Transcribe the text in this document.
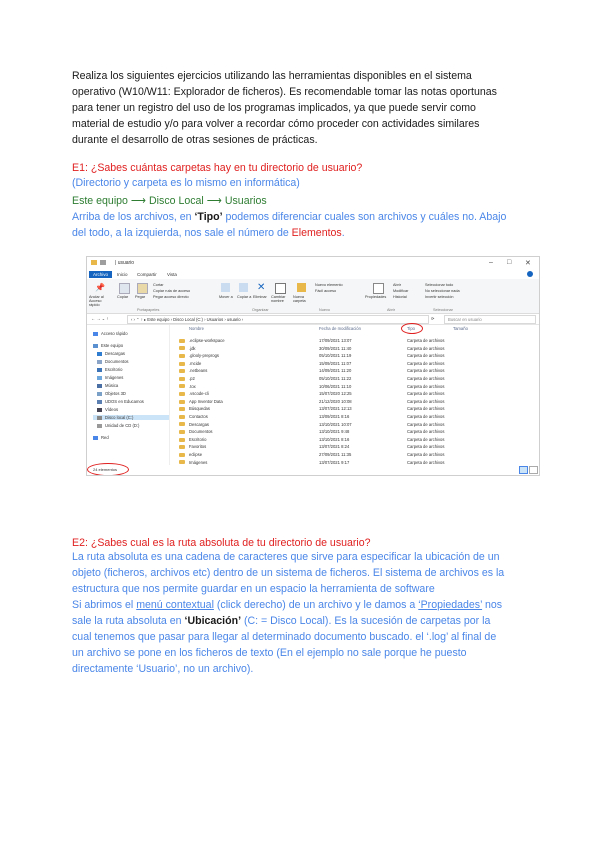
Realiza los siguientes ejercicios utilizando las herramientas disponibles en el sistema
operativo (W10/W11: Explorador de ficheros). Es recomendable tomar las notas oportunas
para tener un registro del uso de los programas implicados, ya que puede servir como
material de estudio y/o para volver a recordar cómo proceder con actividades similares
durante el desarrollo de otras sesiones de prácticas.
E1: ¿Sabes cuántas carpetas hay en tu directorio de usuario?
(Directorio y carpeta es lo mismo en informática)
Este equipo ⟶ Disco Local ⟶ Usuarios
Arriba de los archivos, en ‘Tipo’ podemos diferenciar cuales son archivos y cuáles no. Abajo
del todo, a la izquierda, nos sale el número de Elementos.
| usuario	– □ ✕
Archivo	Inicio	Compartir	Vista
📌
Anclar al Acceso rápido
Copiar Pegar
Cortar
Copiar ruta de acceso
Pegar acceso directo
Portapapeles
Mover a Copiar a
✕
Eliminar Cambiar nombre
Organizar
Nueva carpeta
Nuevo elemento
Fácil acceso
Nuevo
Propiedades
Abrir
Modificar
Historial
Abrir
Seleccionar todo
No seleccionar nada
Invertir selección
Seleccionar
← → ⌄ ↑	‹ › ⌃ ↑ ▸ Este equipo › Disco Local (C:) › Usuarios › usuario ›	⟳	Buscar en usuario
Acceso rápido
Este equipo
Descargas
Documentos
Escritorio
Imágenes
Música
Objetos 3D
UDOS en Educamos
Vídeos
Disco local (C:)
Unidad de CD (D:)
Red
Nombre	Fecha de modificación	Tipo	Tamaño
.eclipse-workspace	17/09/2021 13:07	Carpeta de archivos
.jdk	30/09/2021 11:40	Carpeta de archivos
.glooly-preprogs	05/10/2021 11:19	Carpeta de archivos
.mcide	15/09/2021 11:07	Carpeta de archivos
.netbeans	14/09/2021 11:20	Carpeta de archivos
.p2	05/10/2021 11:22	Carpeta de archivos
.tox	10/06/2021 11:10	Carpeta de archivos
.vscode-cli	15/07/2020 12:25	Carpeta de archivos
App Inventor Data	21/12/2020 10:08	Carpeta de archivos
Búsquedas	13/07/2021 12:13	Carpeta de archivos
Contactos	13/09/2021 8:16	Carpeta de archivos
Descargas	13/10/2021 10:07	Carpeta de archivos
Documentos	13/10/2021 9:48	Carpeta de archivos
Escritorio	13/10/2021 8:16	Carpeta de archivos
Favoritos	13/07/2021 8:24	Carpeta de archivos
eclipse	27/09/2021 11:35	Carpeta de archivos
Imágenes	13/07/2021 9:17	Carpeta de archivos
24 elementos
E2: ¿Sabes cual es la ruta absoluta de tu directorio de usuario?
La ruta absoluta es una cadena de caracteres que sirve para especificar la ubicación de un
objeto (ficheros, archivos etc) dentro de un sistema de ficheros. El sistema de archivos es la
estructura que nos permite guardar en un espacio la herramienta de software
Si abrimos el menú contextual (click derecho) de un archivo y le damos a ‘Propiedades’ nos
sale la ruta absoluta en ‘Ubicación’ (C: = Disco Local). Es la sucesión de carpetas por la
cual tenemos que pasar para llegar al determinado documento buscado. el ‘.log’ al final de
un archivo se pone en los ficheros de texto (En el ejemplo no sale porque he puesto
directamente ‘Usuario’, no un archivo).
